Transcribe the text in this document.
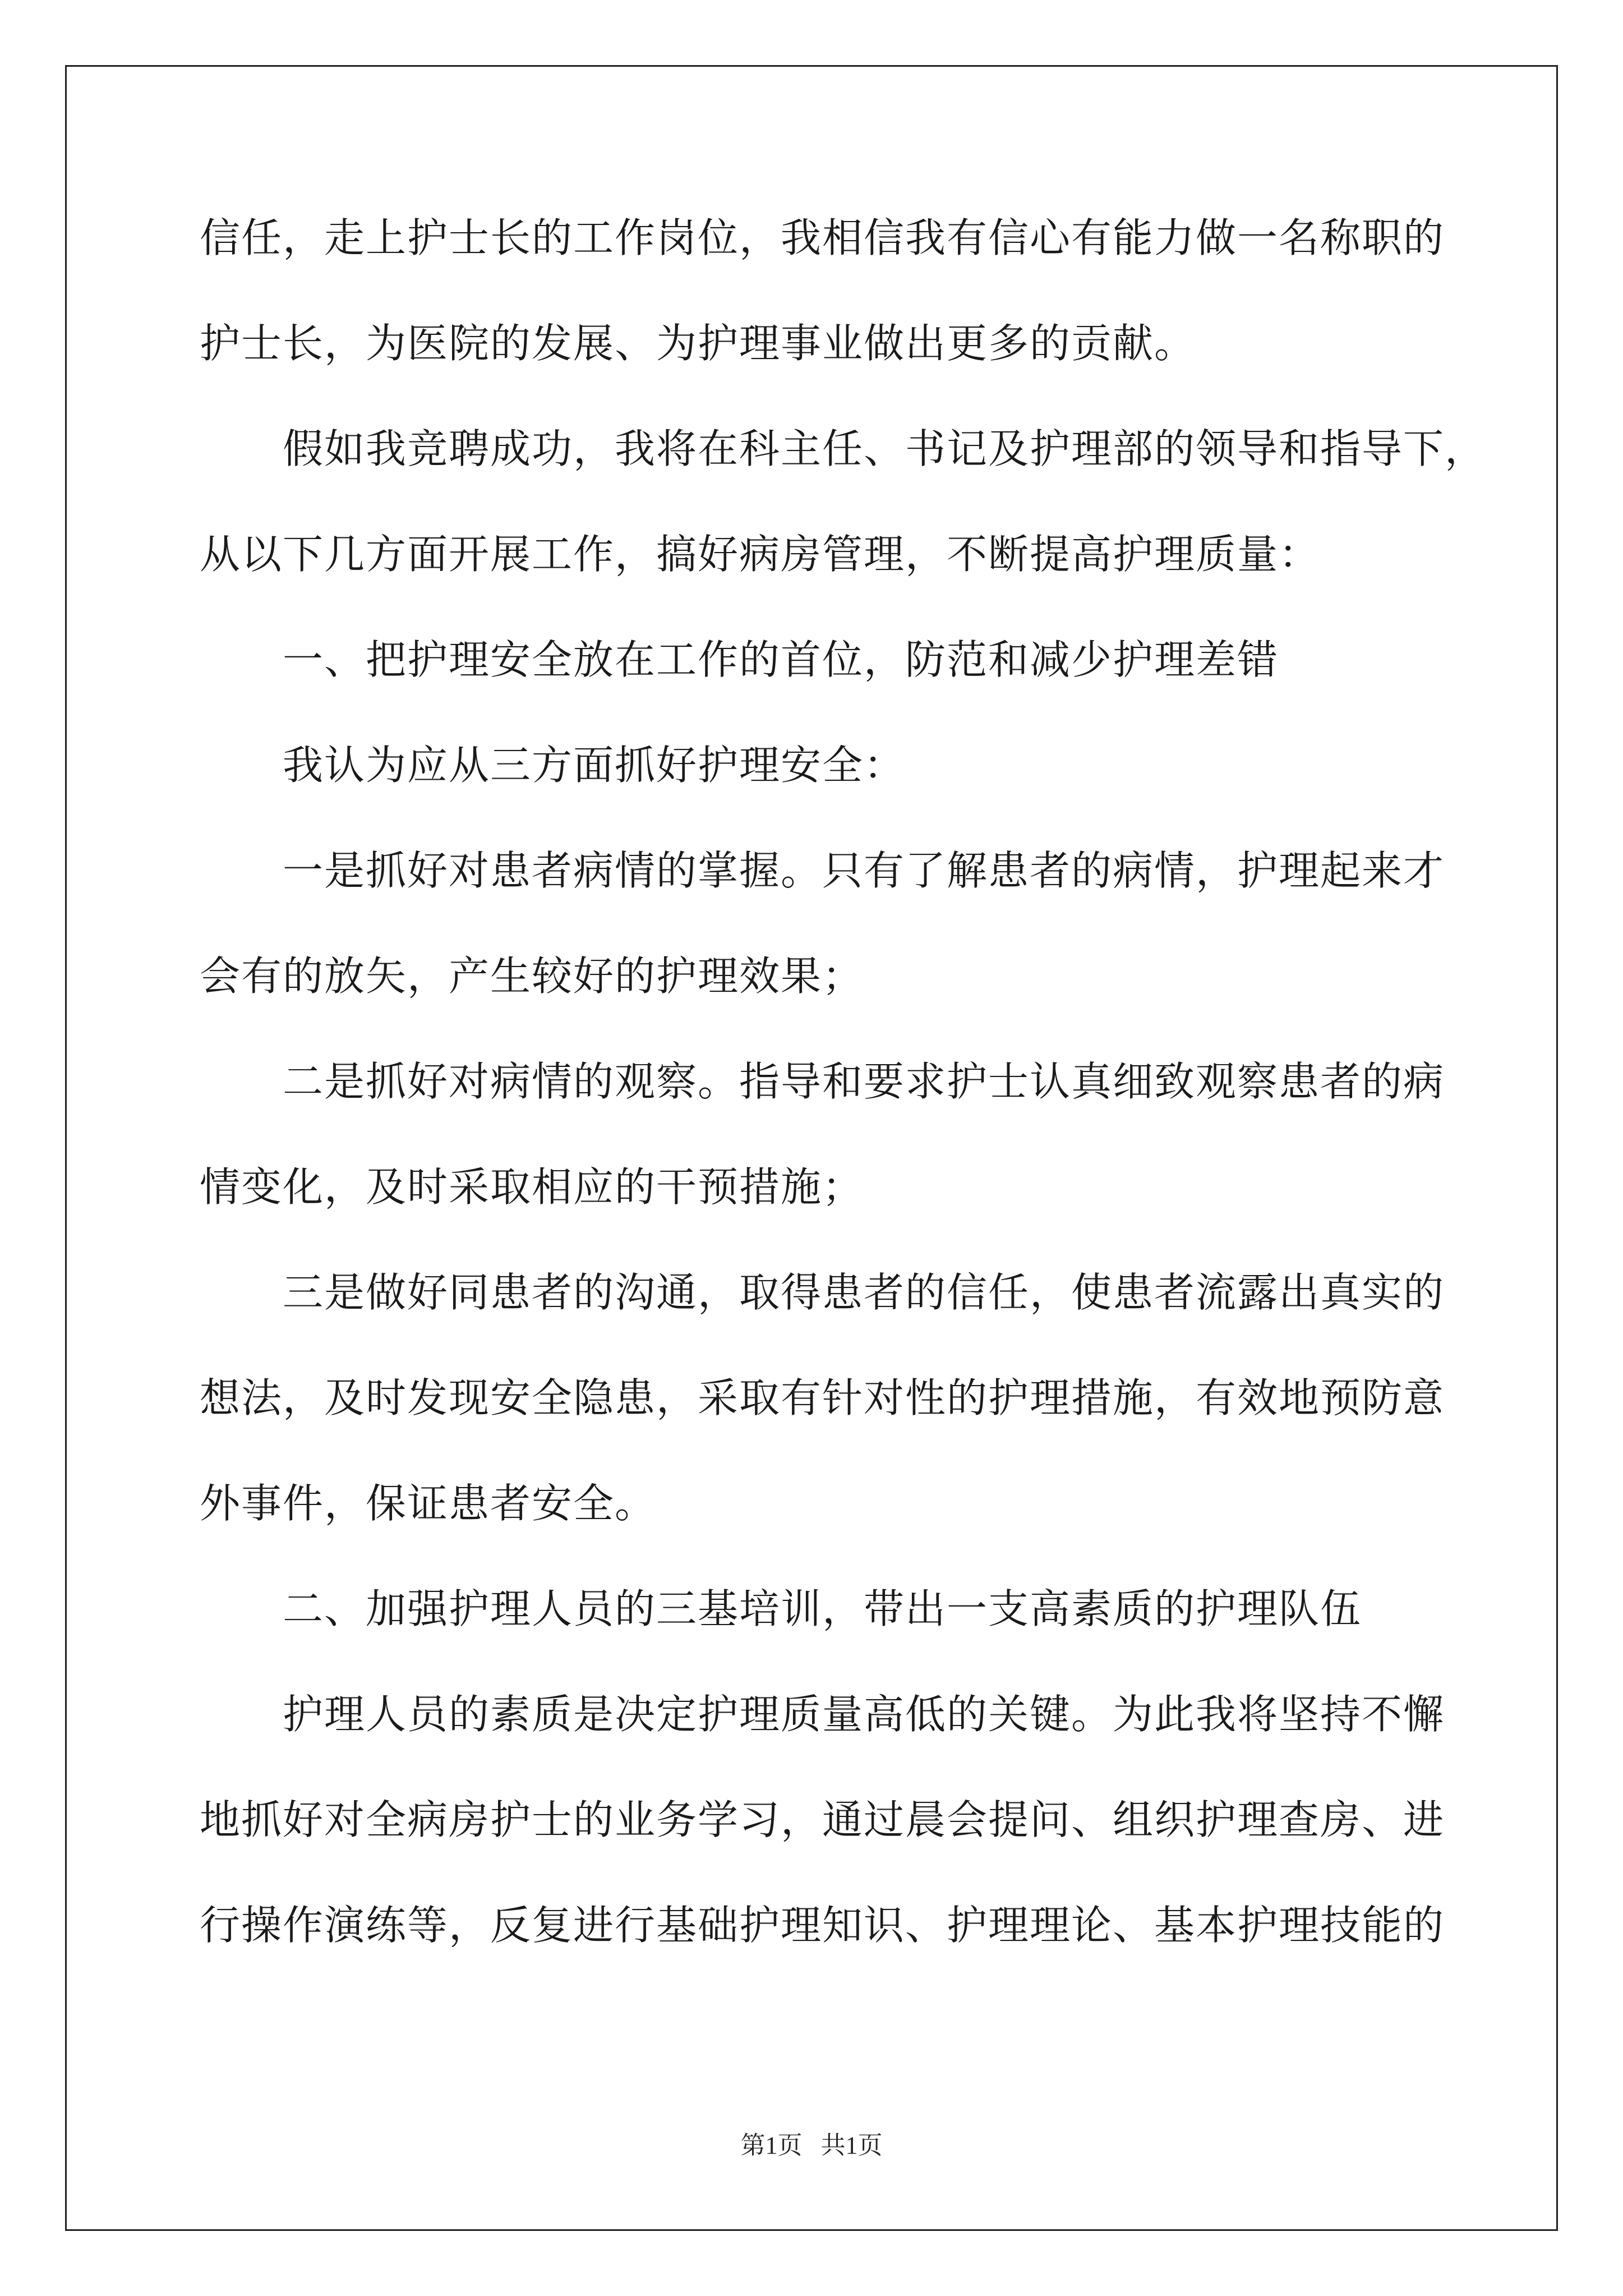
信任，走上护士长的工作岗位，我相信我有信心有能力做一名称职的
护士长，为医院的发展、为护理事业做出更多的贡献。
假如我竞聘成功，我将在科主任、书记及护理部的领导和指导下，
从以下几方面开展工作，搞好病房管理，不断提高护理质量：
一、把护理安全放在工作的首位，防范和减少护理差错
我认为应从三方面抓好护理安全：
一是抓好对患者病情的掌握。只有了解患者的病情，护理起来才
会有的放矢，产生较好的护理效果；
二是抓好对病情的观察。指导和要求护士认真细致观察患者的病
情变化，及时采取相应的干预措施；
三是做好同患者的沟通，取得患者的信任，使患者流露出真实的
想法，及时发现安全隐患，采取有针对性的护理措施，有效地预防意
外事件，保证患者安全。
二、加强护理人员的三基培训，带出一支高素质的护理队伍
护理人员的素质是决定护理质量高低的关键。为此我将坚持不懈
地抓好对全病房护士的业务学习，通过晨会提问、组织护理查房、进
行操作演练等，反复进行基础护理知识、护理理论、基本护理技能的
第1页   共1页
